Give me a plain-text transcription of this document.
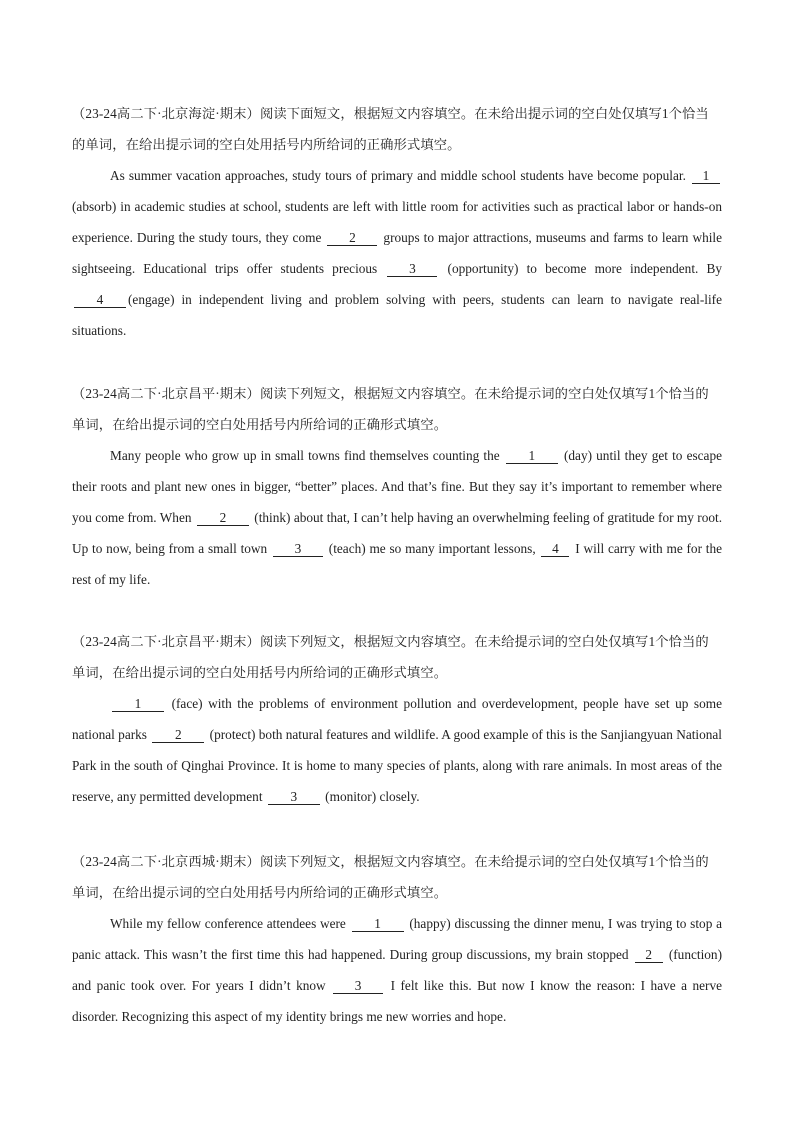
（23-24高二下·北京海淀·期末）阅读下面短文，根据短文内容填空。在未给出提示词的空白处仅填写1个恰当的单词，在给出提示词的空白处用括号内所给词的正确形式填空。

As summer vacation approaches, study tours of primary and middle school students have become popular. 1 (absorb) in academic studies at school, students are left with little room for activities such as practical labor or hands-on experience. During the study tours, they come 2 groups to major attractions, museums and farms to learn while sightseeing. Educational trips offer students precious 3 (opportunity) to become more independent. By 4 (engage) in independent living and problem solving with peers, students can learn to navigate real-life situations.

（23-24高二下·北京昌平·期末）阅读下列短文，根据短文内容填空。在未给提示词的空白处仅填写1个恰当的单词，在给出提示词的空白处用括号内所给词的正确形式填空。

Many people who grow up in small towns find themselves counting the 1 (day) until they get to escape their roots and plant new ones in bigger, “better” places. And that’s fine. But they say it’s important to remember where you come from. When 2 (think) about that, I can’t help having an overwhelming feeling of gratitude for my root. Up to now, being from a small town 3 (teach) me so many important lessons, 4 I will carry with me for the rest of my life.

（23-24高二下·北京昌平·期末）阅读下列短文，根据短文内容填空。在未给提示词的空白处仅填写1个恰当的单词，在给出提示词的空白处用括号内所给词的正确形式填空。

1 (face) with the problems of environment pollution and overdevelopment, people have set up some national parks 2 (protect) both natural features and wildlife. A good example of this is the Sanjiangyuan National Park in the south of Qinghai Province. It is home to many species of plants, along with rare animals. In most areas of the reserve, any permitted development 3 (monitor) closely.

（23-24高二下·北京西城·期末）阅读下列短文，根据短文内容填空。在未给提示词的空白处仅填写1个恰当的单词，在给出提示词的空白处用括号内所给词的正确形式填空。

While my fellow conference attendees were 1 (happy) discussing the dinner menu, I was trying to stop a panic attack. This wasn’t the first time this had happened. During group discussions, my brain stopped 2 (function) and panic took over. For years I didn’t know 3 I felt like this. But now I know the reason: I have a nerve disorder. Recognizing this aspect of my identity brings me new worries and hope.
